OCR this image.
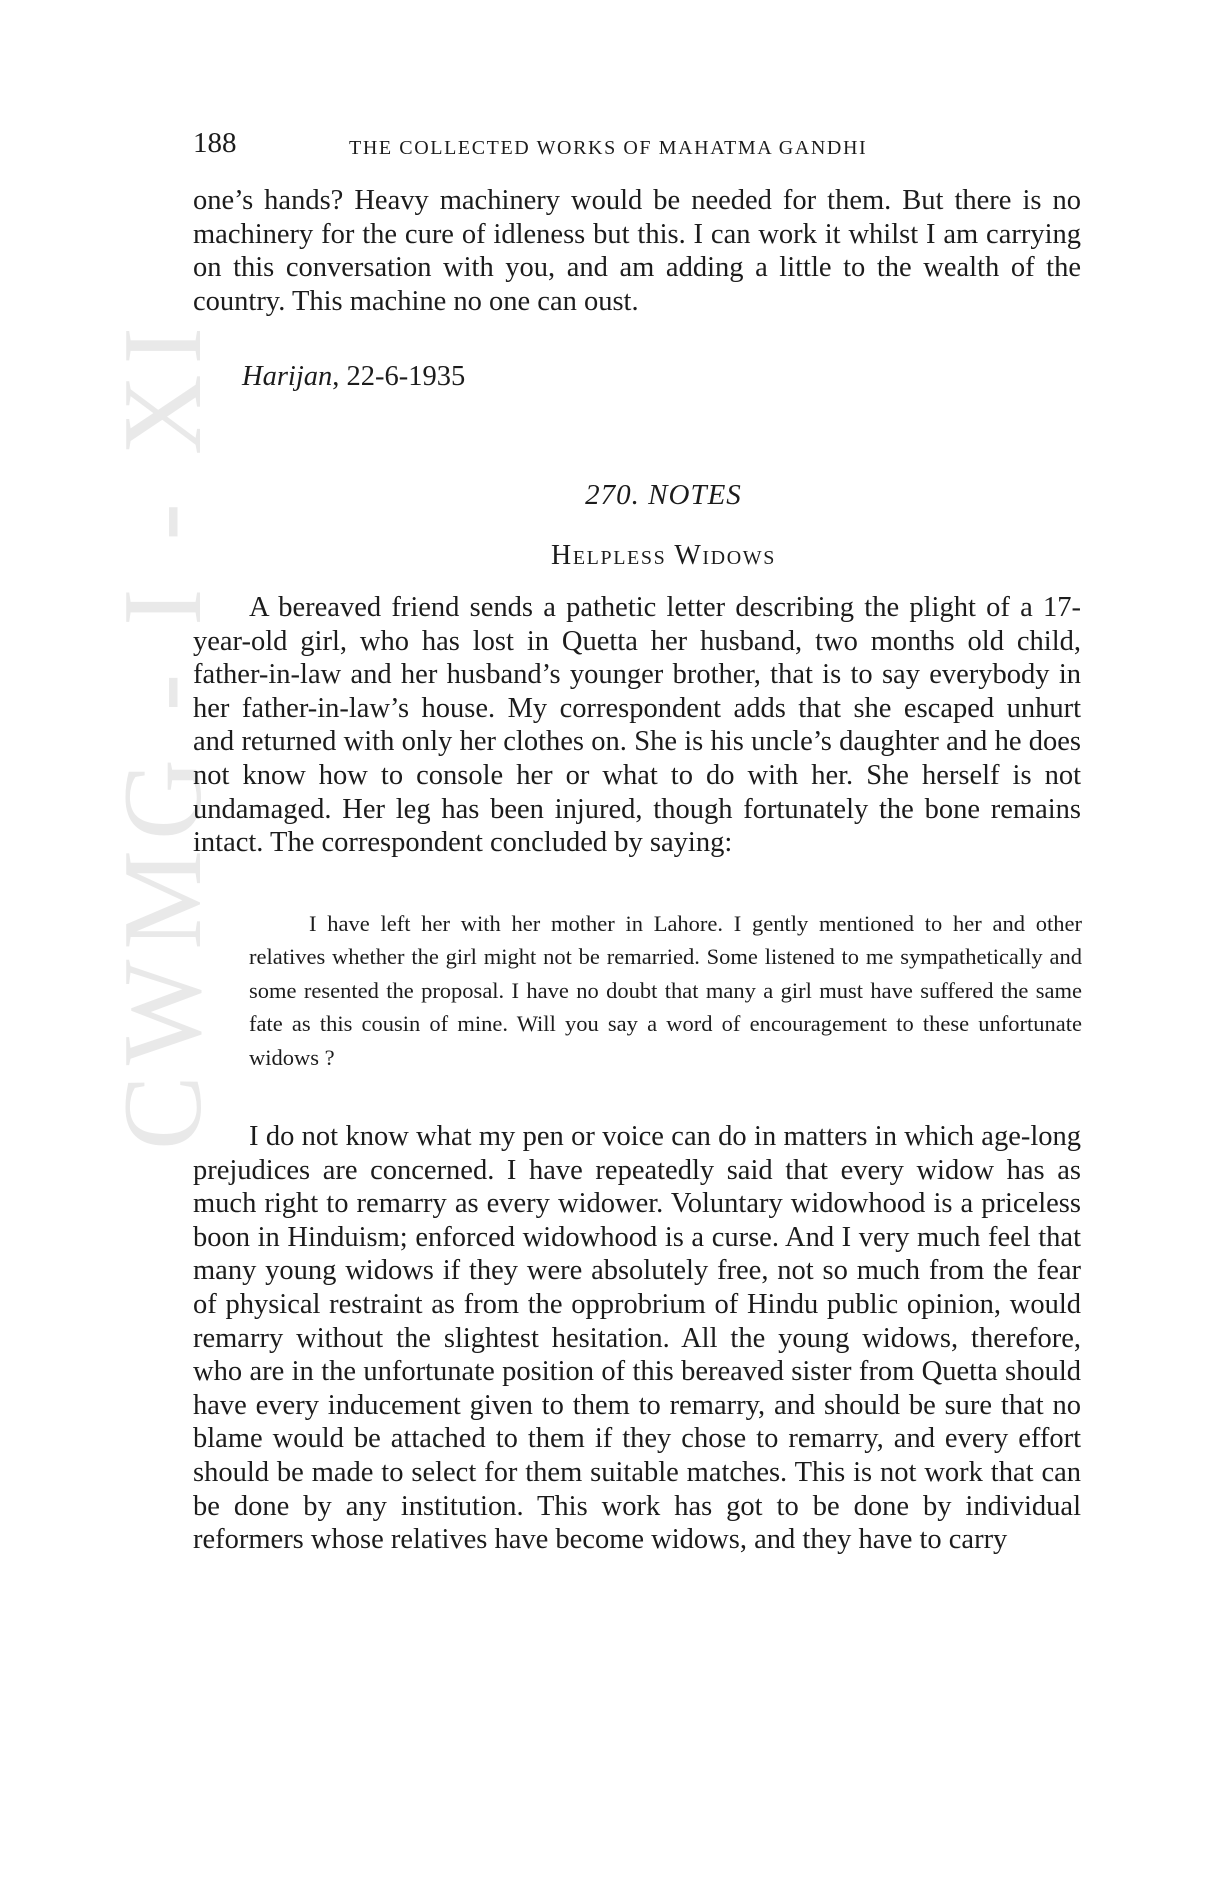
CWMG - I - XI
188	THE COLLECTED WORKS OF MAHATMA GANDHI

one’s hands? Heavy machinery would be needed for them. But there is no machinery for the cure of idleness but this. I can work it whilst I am carrying on this conversation with you, and am adding a little to the wealth of the country. This machine no one can oust.

Harijan, 22-6-1935
270. NOTES
Helpless Widows

A bereaved friend sends a pathetic letter describing the plight of a 17-year-old girl, who has lost in Quetta her husband, two months old child, father-in-law and her husband’s younger brother, that is to say everybody in her father-in-law’s house. My correspondent adds that she escaped unhurt and returned with only her clothes on. She is his uncle’s daughter and he does not know how to console her or what to do with her. She herself is not undamaged. Her leg has been injured, though fortunately the bone remains intact. The correspondent concluded by saying:

I have left her with her mother in Lahore. I gently mentioned to her and other relatives whether the girl might not be remarried. Some listened to me sympathetically and some resented the proposal. I have no doubt that many a girl must have suffered the same fate as this cousin of mine. Will you say a word of encouragement to these unfortunate widows ?

I do not know what my pen or voice can do in matters in which age-long prejudices are concerned. I have repeatedly said that every widow has as much right to remarry as every widower. Voluntary widowhood is a priceless boon in Hinduism; enforced widowhood is a curse. And I very much feel that many young widows if they were absolutely free, not so much from the fear of physical restraint as from the opprobrium of Hindu public opinion, would remarry without the slightest hesitation. All the young widows, therefore, who are in the unfortunate position of this bereaved sister from Quetta should have every inducement given to them to remarry, and should be sure that no blame would be attached to them if they chose to remarry, and every effort should be made to select for them suitable matches. This is not work that can be done by any institution. This work has got to be done by individual reformers whose relatives have become widows, and they have to carry
